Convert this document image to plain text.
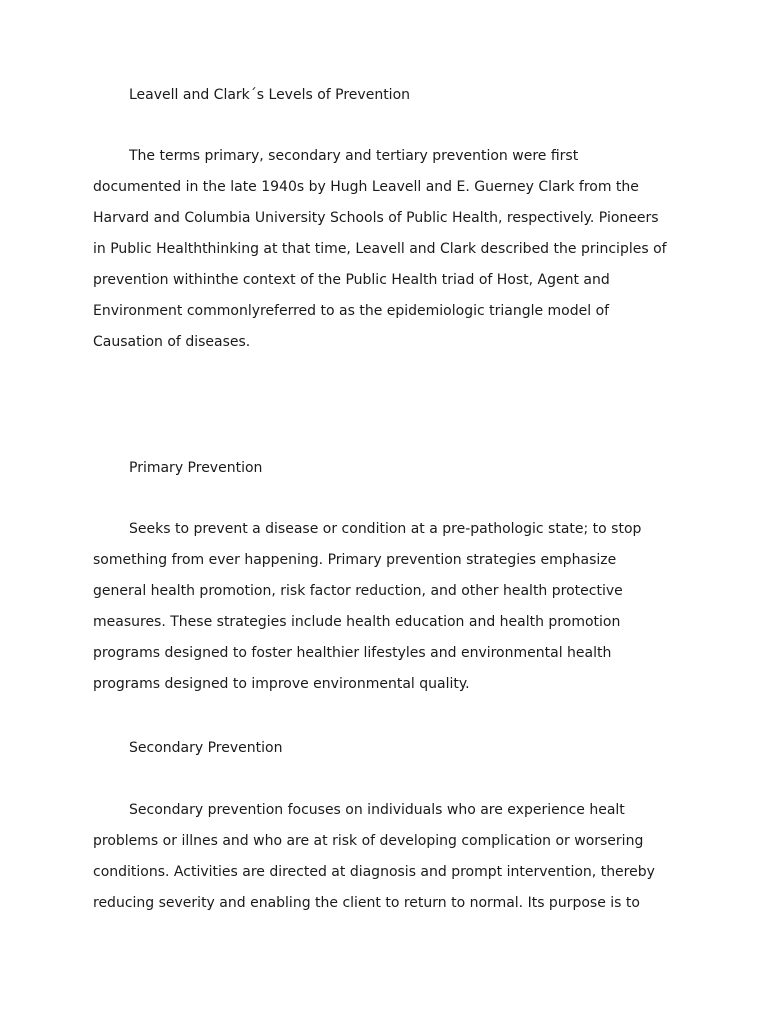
Leavell and Clark´s Levels of Prevention
The terms primary, secondary and tertiary prevention were first
documented in the late 1940s by Hugh Leavell and E. Guerney Clark from the
Harvard and Columbia University Schools of Public Health, respectively. Pioneers
in Public Healththinking at that time, Leavell and Clark described the principles of
prevention withinthe context of the Public Health triad of Host, Agent and
Environment commonlyreferred to as the epidemiologic triangle model of
Causation of diseases.
Primary Prevention
Seeks to prevent a disease or condition at a pre-pathologic state; to stop
something from ever happening. Primary prevention strategies emphasize
general health promotion, risk factor reduction, and other health protective
measures. These strategies include health education and health promotion
programs designed to foster healthier lifestyles and environmental health
programs designed to improve environmental quality.
Secondary Prevention
Secondary prevention focuses on individuals who are experience healt
problems or illnes and who are at risk of developing complication or worsering
conditions. Activities are directed at diagnosis and prompt intervention, thereby
reducing severity and enabling the client to return to normal. Its purpose is to
